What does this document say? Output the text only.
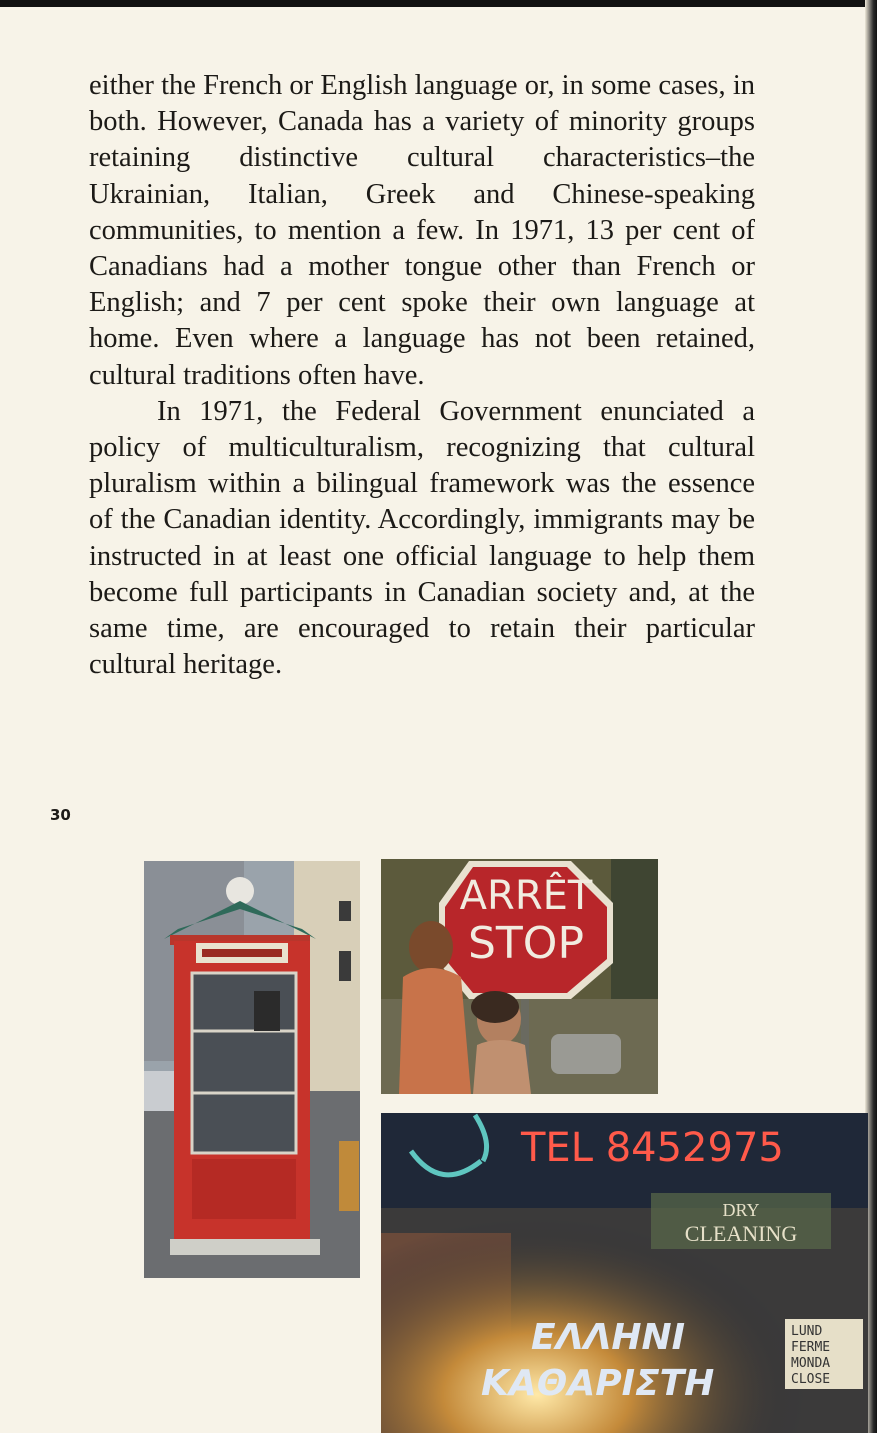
either the French or English language or, in some cases, in both. However, Canada has a variety of minority groups retaining distinctive cultural characteristics–the Ukrainian, Italian, Greek and Chinese-speaking communities, to mention a few. In 1971, 13 per cent of Canadians had a mother tongue other than French or English; and 7 per cent spoke their own language at home. Even where a language has not been retained, cultural traditions often have.

In 1971, the Federal Government enunciated a policy of multiculturalism, recognizing that cultural pluralism within a bilingual framework was the essence of the Canadian identity. Accordingly, immigrants may be instructed in at least one official language to help them become full participants in Canadian society and, at the same time, are encouraged to retain their particular cultural heritage.

30
ARRÊT
STOP
TEL 8452975
DRY
CLEANING
ΕΛΛΗΝΙ
ΚΑΘΑΡΙΣΤΗ
LUND
FERME
MONDA
CLOSE
